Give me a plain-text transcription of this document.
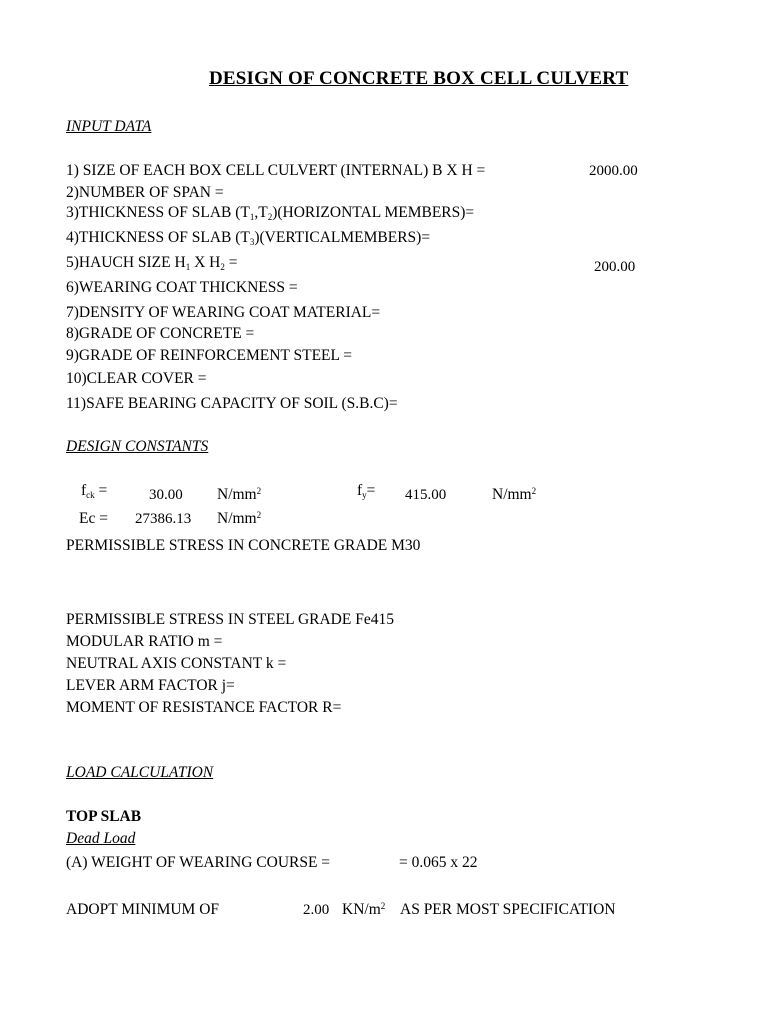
DESIGN OF CONCRETE BOX CELL CULVERT
INPUT DATA
1) SIZE OF EACH BOX CELL CULVERT (INTERNAL) B X H =	2000.00
2)NUMBER OF SPAN =
3)THICKNESS OF SLAB $(T_1,T_2)(HORIZONTAL$ MEMBERS)=
4)THICKNESS OF SLAB $(T_3)(VERTICALMEMBERS)=$
5)HAUCH SIZE $H_1$ X $H_2$ =	200.00
6)WEARING COAT THICKNESS =
7)DENSITY OF WEARING COAT MATERIAL=
8)GRADE OF CONCRETE =
9)GRADE OF REINFORCEMENT STEEL =
10)CLEAR COVER =
11)SAFE BEARING CAPACITY OF SOIL (S.B.C)=
DESIGN CONSTANTS
$f_{ck}$ =	30.00 $N/mm^2$	$f_y= 415.00$	$N/mm^2$
Ec = 27386.13 $N/mm^2$
PERMISSIBLE STRESS IN CONCRETE GRADE M30
PERMISSIBLE STRESS IN STEEL GRADE Fe415
MODULAR RATIO m =
NEUTRAL AXIS CONSTANT k =
LEVER ARM FACTOR j=
MOMENT OF RESISTANCE FACTOR R=
LOAD CALCULATION
TOP SLAB
Dead Load
(A) WEIGHT OF WEARING COURSE =	= 0.065 x 22
ADOPT MINIMUM OF	2.00 $KN/m^2$ AS PER MOST SPECIFICATION
